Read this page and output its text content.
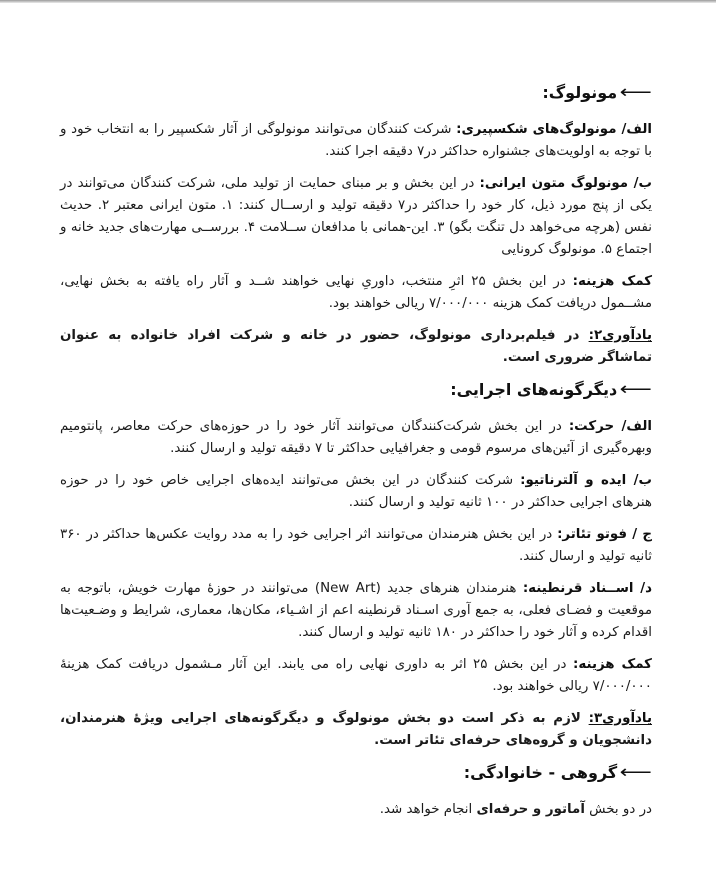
⟵
مونولوگ:

الف/ مونولوگ‌های شکسپیری: شرکت کنندگان می‌توانند مونولوگی از آثار شکسپیر را به انتخاب خود و با توجه به اولویت‌های جشنواره حداکثر در۷ دقیقه اجرا کنند.

ب/ مونولوگ متون ایرانی: در این بخش و بر مبنای حمایت از تولید ملی، شرکت کنندگان می‌توانند در یکی از پنج مورد ذیل، کار خود را حداکثر در۷ دقیقه تولید و ارســال کنند: ۱. متون ایرانی معتبر ۲. حدیث نفس (هرچه می‌خواهد دل تنگت بگو) ۳. این-همانی با مدافعان ســلامت ۴. بررســی مهارت‌های جدید خانه و اجتماع ۵. مونولوگ کرونایی

کمک هزینه: در این بخش ۲۵ اثرِ منتخب، داوریِ نهایی خواهند شــد و آثار راه یافته به بخش نهایی، مشــمول دریافت کمک هزینه ۷/۰۰۰/۰۰۰ ریالی خواهند بود.

یادآوری۲: در فیلم‌برداری مونولوگ، حضور در خانه و شرکت افراد خانواده به عنوان تماشاگر ضروری است.

⟵
دیگرگونه‌های اجرایی:

الف/ حرکت: در این بخش شرکت‌کنندگان می‌توانند آثار خود را در حوزه‌های حرکت معاصر، پانتومیم وبهره‌گیری از آئین‌های مرسوم قومی و جغرافیایی حداکثر تا ۷ دقیقه تولید و ارسال کنند.

ب/ ایده و آلترناتیو: شرکت کنندگان در این بخش می‌توانند ایده‌های اجرایی خاص خود را در حوزه هنرهای اجرایی حداکثر در ۱۰۰ ثانیه تولید و ارسال کنند.

ج / فوتو تئاتر: در این بخش هنرمندان می‌توانند اثر اجرایی خود را به مدد روایت عکس‌ها حداکثر در ۳۶۰ ثانیه تولید و ارسال کنند.

د/ اســناد قرنطینه: هنرمندان هنرهای جدید (New Art) می‌توانند در حوزهٔ مهارت خویش، باتوجه به موقعیت و فضـای فعلی، به جمع آوری اسـناد قرنطینه اعم از اشـیاء، مکان‌ها، معماری، شرایط و وضـعیت‌ها اقدام کرده و آثار خود را حداکثر در ۱۸۰ ثانیه تولید و ارسال کنند.

کمک هزینه: در این بخش ۲۵ اثر به داوری نهایی راه می یابند. این آثار مـشمول دریافت کمک هزینهٔ ۷/۰۰۰/۰۰۰ ریالی خواهند بود.

یادآوری۳: لازم به ذکر است دو بخش مونولوگ و دیگرگونه‌های اجرایی ویژهٔ هنرمندان، دانشجویان و گروه‌های حرفه‌ای تئاتر است.

⟵
گروهی - خانوادگی:

در دو بخش آماتور و حرفه‌ای انجام خواهد شد.
